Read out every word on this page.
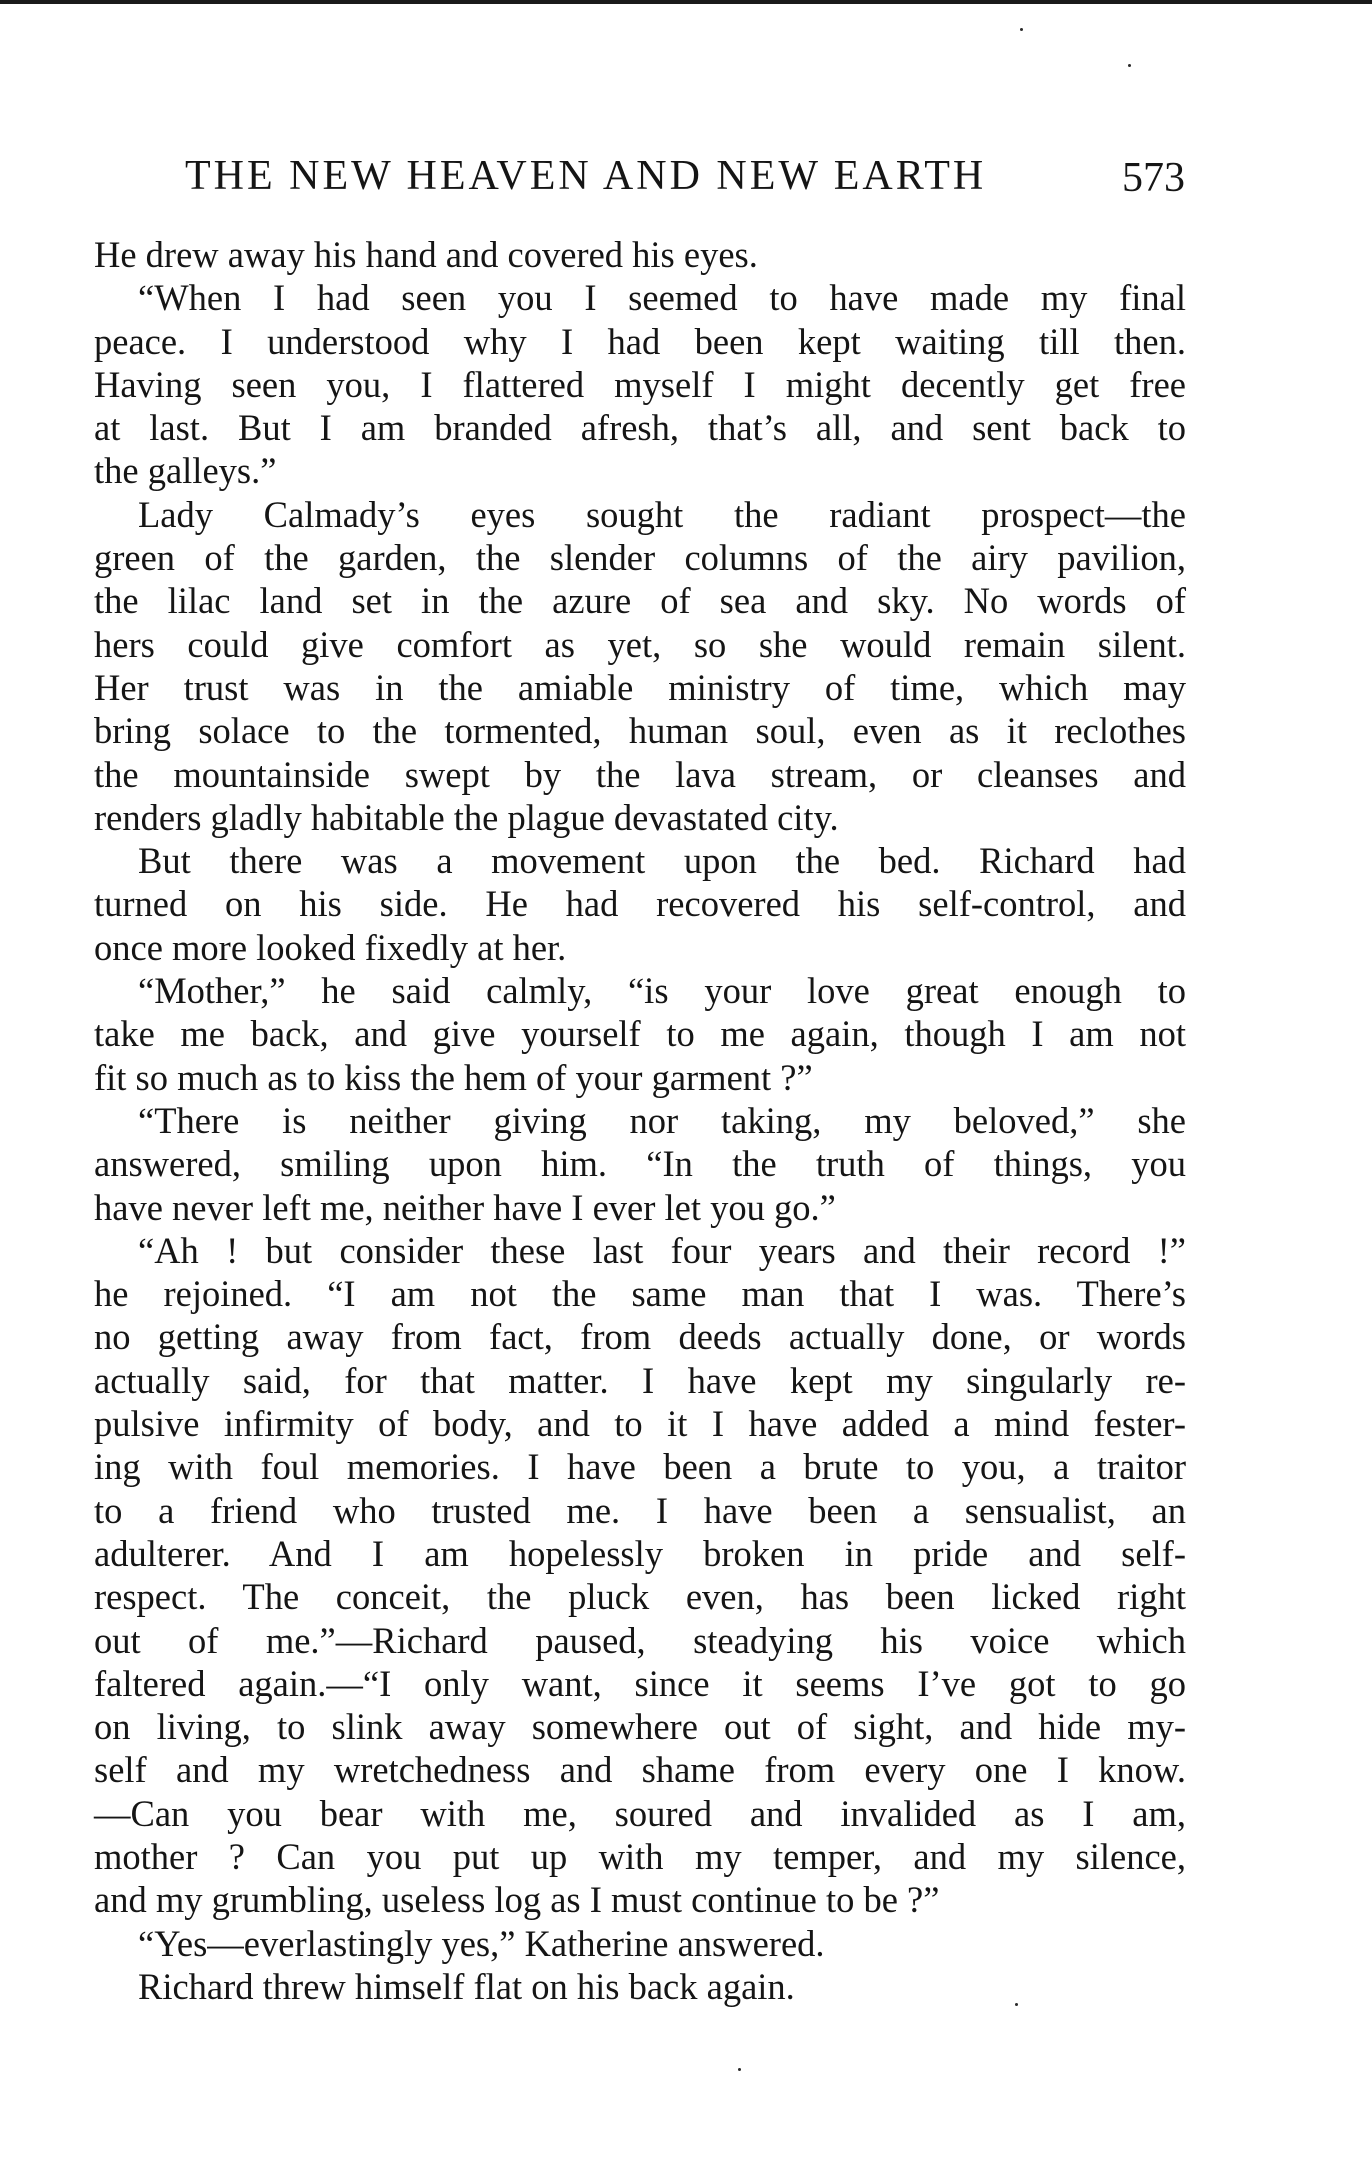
THE NEW HEAVEN AND NEW EARTH	573
He drew away his hand and covered his eyes.
“When I had seen you I seemed to have made my final
peace. I understood why I had been kept waiting till then.
Having seen you, I flattered myself I might decently get free
at last. But I am branded afresh, that’s all, and sent back to
the galleys.”
Lady Calmady’s eyes sought the radiant prospect—the
green of the garden, the slender columns of the airy pavilion,
the lilac land set in the azure of sea and sky. No words of
hers could give comfort as yet, so she would remain silent.
Her trust was in the amiable ministry of time, which may
bring solace to the tormented, human soul, even as it reclothes
the mountainside swept by the lava stream, or cleanses and
renders gladly habitable the plague devastated city.
But there was a movement upon the bed. Richard had
turned on his side. He had recovered his self-control, and
once more looked fixedly at her.
“Mother,” he said calmly, “is your love great enough to
take me back, and give yourself to me again, though I am not
fit so much as to kiss the hem of your garment ?”
“There is neither giving nor taking, my beloved,” she
answered, smiling upon him. “In the truth of things, you
have never left me, neither have I ever let you go.”
“Ah ! but consider these last four years and their record !”
he rejoined. “I am not the same man that I was. There’s
no getting away from fact, from deeds actually done, or words
actually said, for that matter. I have kept my singularly re-
pulsive infirmity of body, and to it I have added a mind fester-
ing with foul memories. I have been a brute to you, a traitor
to a friend who trusted me. I have been a sensualist, an
adulterer. And I am hopelessly broken in pride and self-
respect. The conceit, the pluck even, has been licked right
out of me.”—Richard paused, steadying his voice which
faltered again.—“I only want, since it seems I’ve got to go
on living, to slink away somewhere out of sight, and hide my-
self and my wretchedness and shame from every one I know.
—Can you bear with me, soured and invalided as I am,
mother ? Can you put up with my temper, and my silence,
and my grumbling, useless log as I must continue to be ?”
“Yes—everlastingly yes,” Katherine answered.
Richard threw himself flat on his back again.
